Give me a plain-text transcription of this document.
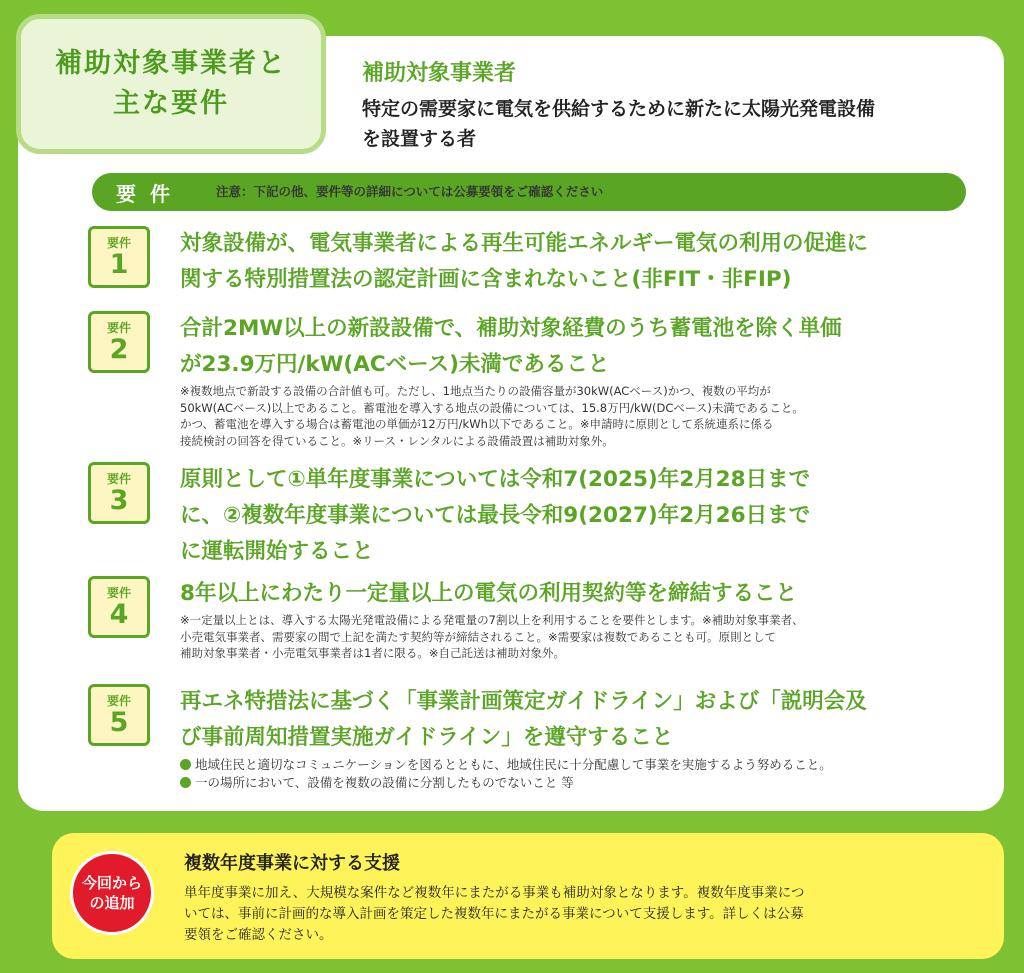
補助対象事業者と
主な要件
補助対象事業者
特定の需要家に電気を供給するために新たに太陽光発電設備
を設置する者
要件	注意：下記の他、要件等の詳細については公募要領をご確認ください
要件
1
対象設備が、電気事業者による再生可能エネルギー電気の利用の促進に
関する特別措置法の認定計画に含まれないこと(非FIT・非FIP)
要件
2
合計2MW以上の新設設備で、補助対象経費のうち蓄電池を除く単価
が23.9万円/kW(ACベース)未満であること
※複数地点で新設する設備の合計値も可。ただし、1地点当たりの設備容量が30kW(ACベース)かつ、複数の平均が
50kW(ACベース)以上であること。蓄電池を導入する地点の設備については、15.8万円/kW(DCベース)未満であること。
かつ、蓄電池を導入する場合は蓄電池の単価が12万円/kWh以下であること。※申請時に原則として系統連系に係る
接続検討の回答を得ていること。※リース・レンタルによる設備設置は補助対象外。
要件
3
原則として①単年度事業については令和7(2025)年2月28日まで
に、②複数年度事業については最長令和9(2027)年2月26日まで
に運転開始すること
要件
4
8年以上にわたり一定量以上の電気の利用契約等を締結すること
※一定量以上とは、導入する太陽光発電設備による発電量の7割以上を利用することを要件とします。※補助対象事業者、
小売電気事業者、需要家の間で上記を満たす契約等が締結されること。※需要家は複数であることも可。原則として
補助対象事業者・小売電気事業者は1者に限る。※自己託送は補助対象外。
要件
5
再エネ特措法に基づく「事業計画策定ガイドライン」および「説明会及
び事前周知措置実施ガイドライン」を遵守すること
地域住民と適切なコミュニケーションを図るとともに、地域住民に十分配慮して事業を実施するよう努めること。
一の場所において、設備を複数の設備に分割したものでないこと 等
今回から
の追加
複数年度事業に対する支援
単年度事業に加え、大規模な案件など複数年にまたがる事業も補助対象となります。複数年度事業につ
いては、事前に計画的な導入計画を策定した複数年にまたがる事業について支援します。詳しくは公募
要領をご確認ください。
